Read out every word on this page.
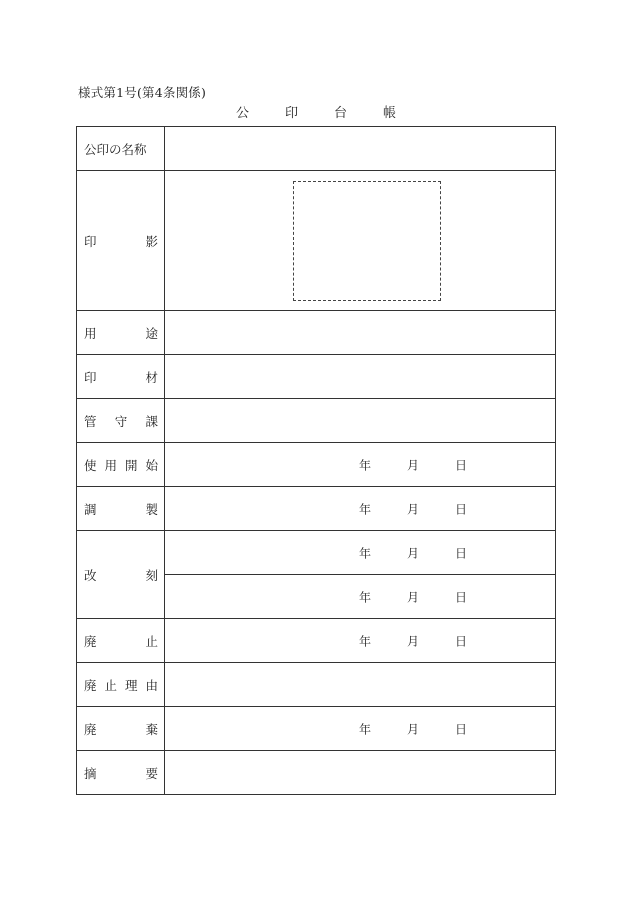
様式第1号(第4条関係)
公	印	台	帳
公印の名称	

印 影	

用 途	

印 材	

管 守 課	

使 用 開 始	年 月 日

調 製	年 月 日

改 刻	年 月 日

	年 月 日

廃 止	年 月 日

廃 止 理 由	

廃 棄	年 月 日

摘 要	
